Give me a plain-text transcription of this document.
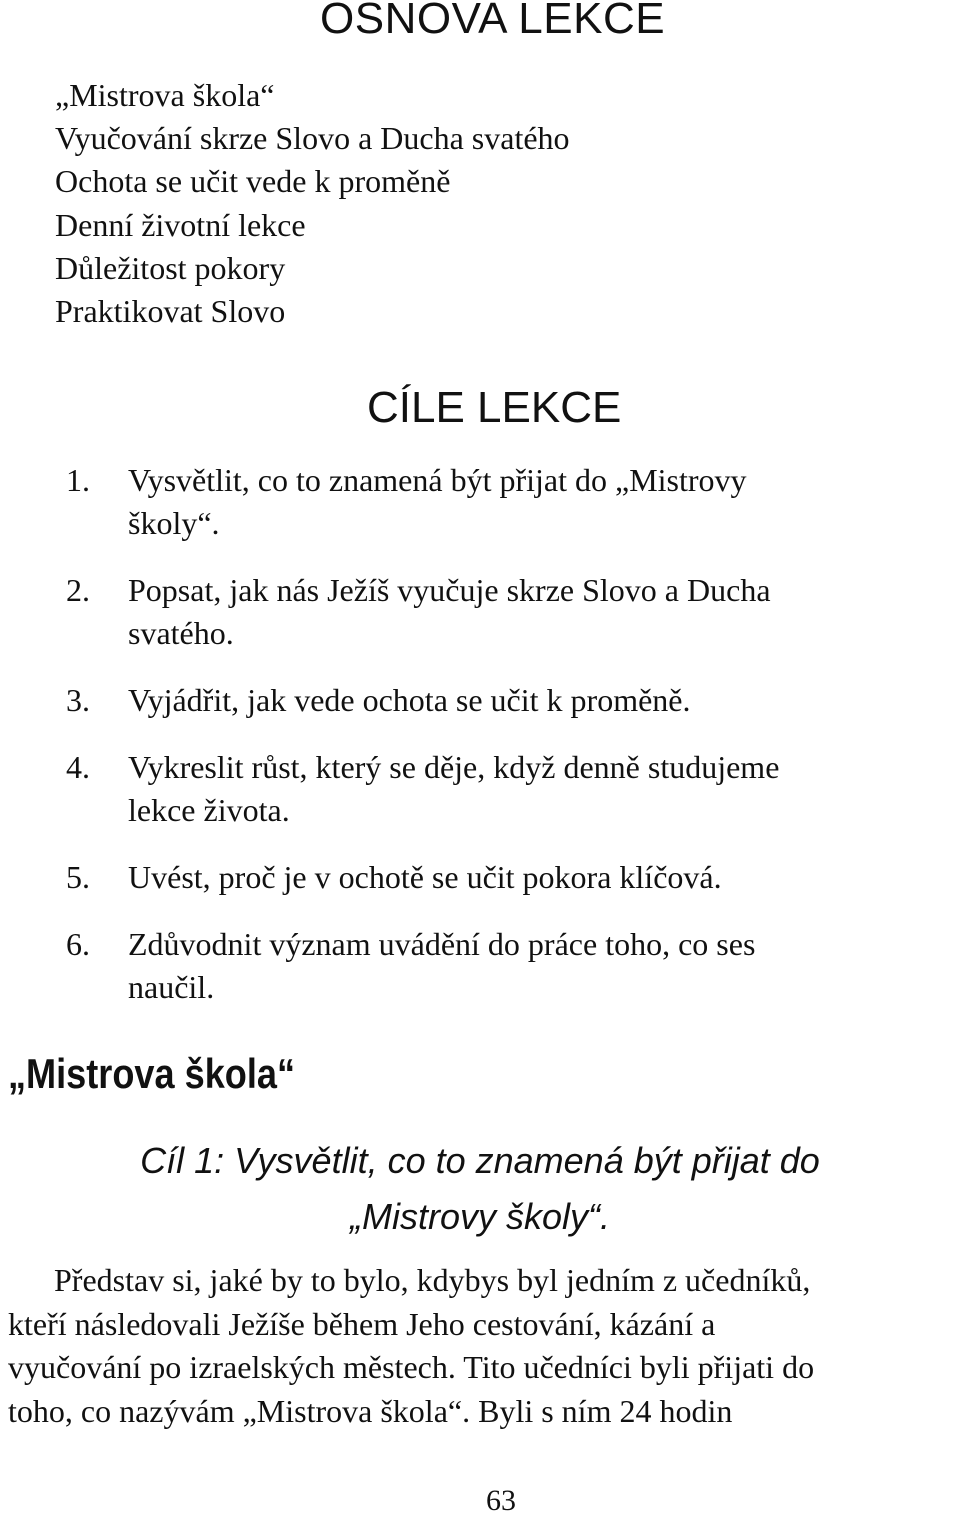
OSNOVA LEKCE
„Mistrova škola“
Vyučování skrze Slovo a Ducha svatého
Ochota se učit vede k proměně
Denní životní lekce
Důležitost pokory
Praktikovat Slovo
CÍLE LEKCE
1. Vysvětlit, co to znamená být přijat do „Mistrovy
školy“.
2. Popsat, jak nás Ježíš vyučuje skrze Slovo a Ducha
svatého.
3. Vyjádřit, jak vede ochota se učit k proměně.
4. Vykreslit růst, který se děje, když denně studujeme
lekce života.
5. Uvést, proč je v ochotě se učit pokora klíčová.
6. Zdůvodnit význam uvádění do práce toho, co ses
naučil.
„Mistrova škola“
Cíl 1: Vysvětlit, co to znamená být přijat do
„Mistrovy školy“.
Představ si, jaké by to bylo, kdybys byl jedním z učedníků,
kteří následovali Ježíše během Jeho cestování, kázání a
vyučování po izraelských městech. Tito učedníci byli přijati do
toho, co nazývám „Mistrova škola“. Byli s ním 24 hodin
63
